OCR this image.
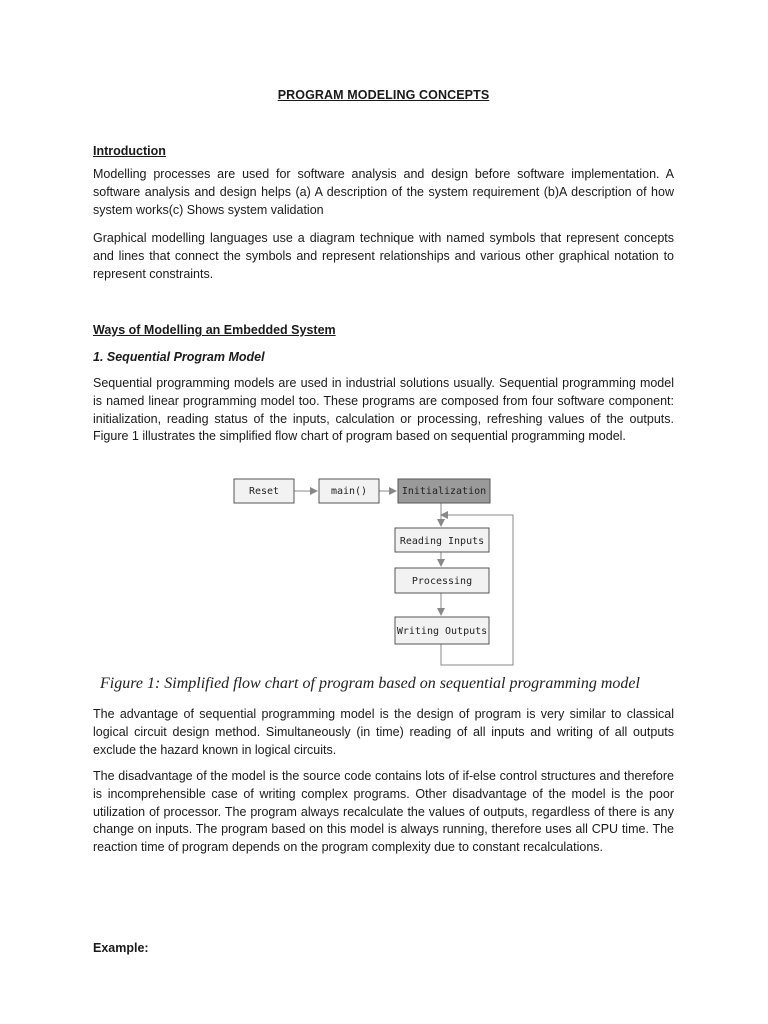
PROGRAM MODELING CONCEPTS
Introduction
Modelling processes are used for software analysis and design before software implementation. A software analysis and design helps (a) A description of the system requirement (b)A description of how system works(c) Shows system validation
Graphical modelling languages use a diagram technique with named symbols that represent concepts and lines that connect the symbols and represent relationships and various other graphical notation to represent constraints.
Ways of Modelling an Embedded System
1. Sequential Program Model
Sequential programming models are used in industrial solutions usually. Sequential programming model is named linear programming model too. These programs are composed from four software component: initialization, reading status of the inputs, calculation or processing, refreshing values of the outputs. Figure 1 illustrates the simplified flow chart of program based on sequential programming model.
The advantage of sequential programming model is the design of program is very similar to classical logical circuit design method. Simultaneously (in time) reading of all inputs and writing of all outputs exclude the hazard known in logical circuits.
The disadvantage of the model is the source code contains lots of if-else control structures and therefore is incomprehensible case of writing complex programs. Other disadvantage of the model is the poor utilization of processor. The program always recalculate the values of outputs, regardless of there is any change on inputs. The program based on this model is always running, therefore uses all CPU time. The reaction time of program depends on the program complexity due to constant recalculations.
Example:
Reset	main()	Initialization
Reading Inputs
Processing
Writing Outputs
Figure 1: Simplified flow chart of program based on sequential programming model
